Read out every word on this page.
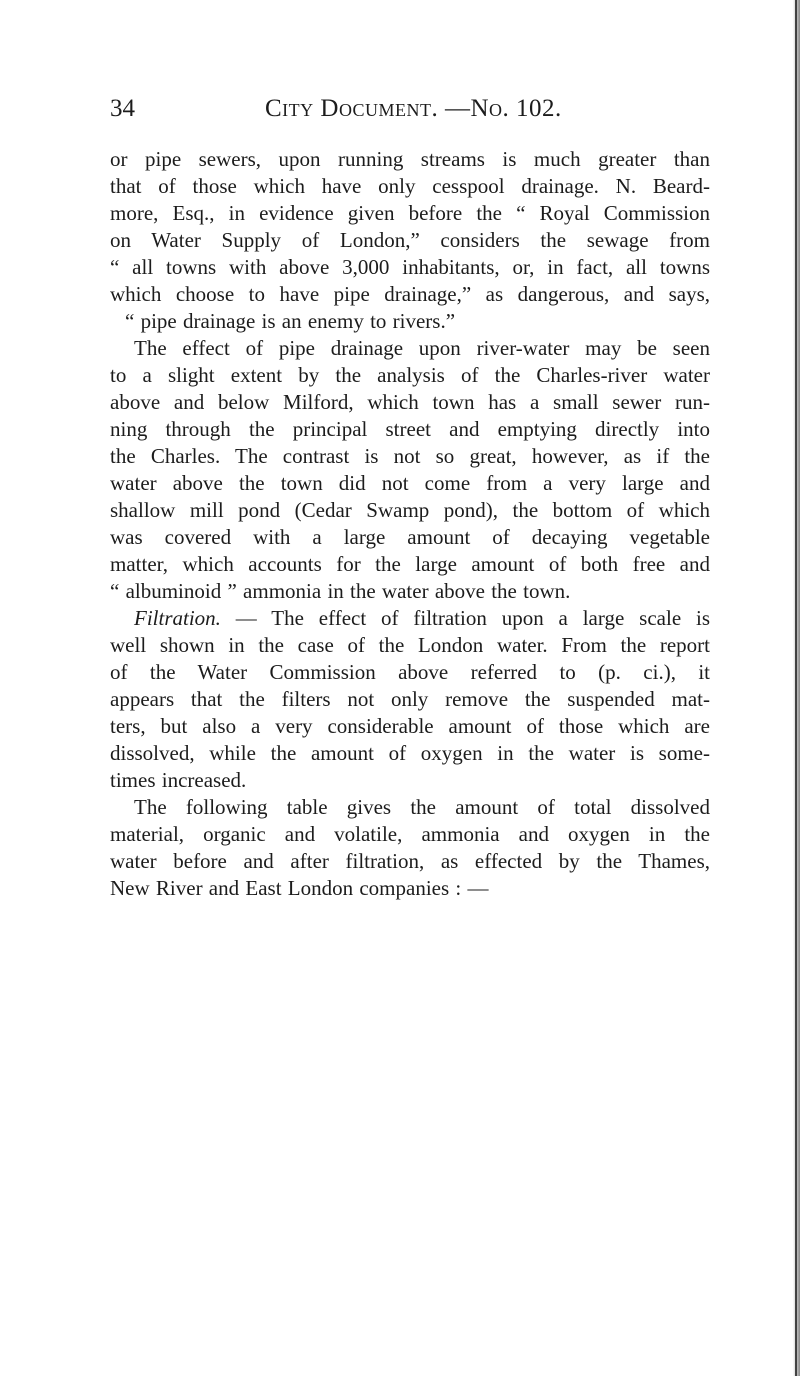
34	City Document. —No. 102.
or pipe sewers, upon running streams is much greater than
that of those which have only cesspool drainage. N. Beard-
more, Esq., in evidence given before the “ Royal Commission
on Water Supply of London,” considers the sewage from
“ all towns with above 3,000 inhabitants, or, in fact, all towns
which choose to have pipe drainage,” as dangerous, and says,
“ pipe drainage is an enemy to rivers.”
The effect of pipe drainage upon river-water may be seen
to a slight extent by the analysis of the Charles-river water
above and below Milford, which town has a small sewer run-
ning through the principal street and emptying directly into
the Charles. The contrast is not so great, however, as if the
water above the town did not come from a very large and
shallow mill pond (Cedar Swamp pond), the bottom of which
was covered with a large amount of decaying vegetable
matter, which accounts for the large amount of both free and
“ albuminoid ” ammonia in the water above the town.
Filtration. — The effect of filtration upon a large scale is
well shown in the case of the London water. From the report
of the Water Commission above referred to (p. ci.), it
appears that the filters not only remove the suspended mat-
ters, but also a very considerable amount of those which are
dissolved, while the amount of oxygen in the water is some-
times increased.
The following table gives the amount of total dissolved
material, organic and volatile, ammonia and oxygen in the
water before and after filtration, as effected by the Thames,
New River and East London companies : —
